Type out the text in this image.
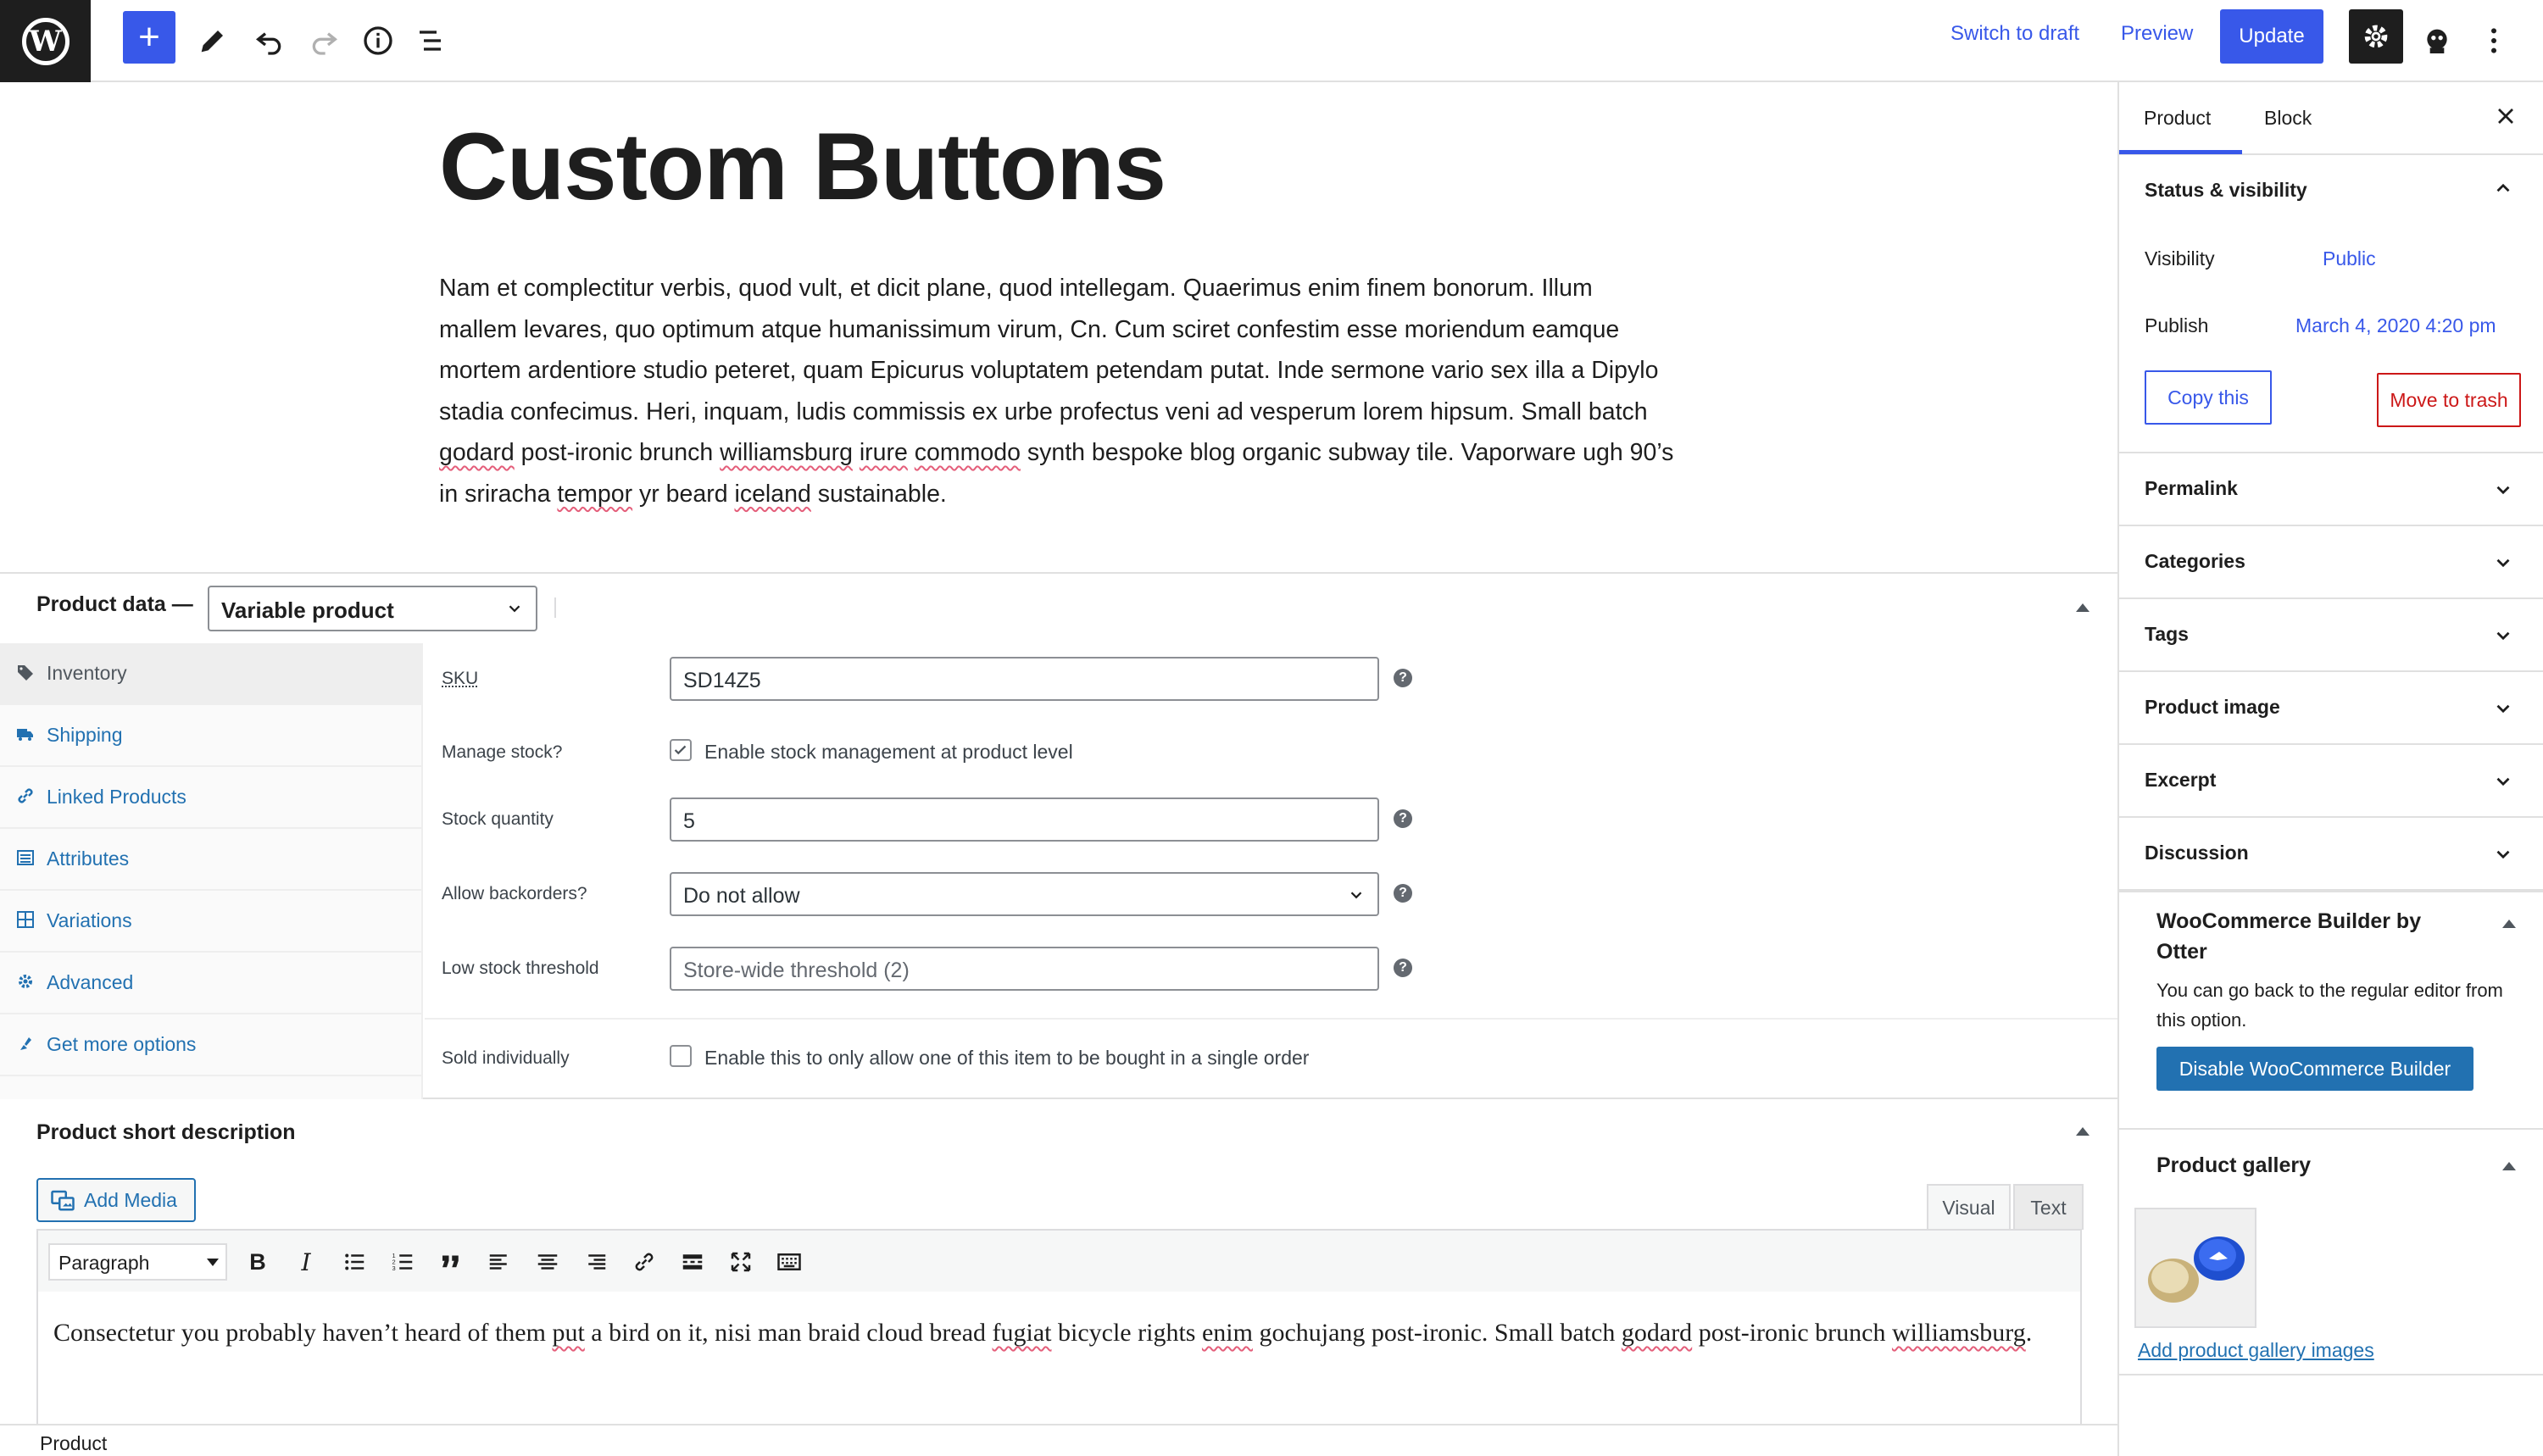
W	+	Switch to draft Preview	Update
Custom Buttons

Nam et complectitur verbis, quod vult, et dicit plane, quod intellegam. Quaerimus enim finem bonorum. Illum mallem levares, quo optimum atque humanissimum virum, Cn. Cum sciret confestim esse moriendum eamque mortem ardentiore studio peteret, quam Epicurus voluptatem petendam putat. Inde sermone vario sex illa a Dipylo stadia confecimus. Heri, inquam, ludis commissis ex urbe profectus veni ad vesperum lorem hipsum. Small batch godard post-ironic brunch williamsburg irure commodo synth bespoke blog organic subway tile. Vaporware ugh 90’s in sriracha tempor yr beard iceland sustainable.

Product data —	Variable product
Inventory
Shipping
Linked Products
Attributes
Variations
Advanced
Get more options
SKU	SD14Z5	?
Manage stock?	Enable stock management at product level
Stock quantity	5	?
Allow backorders?	Do not allow	?
Low stock threshold	Store-wide threshold (2)	?
Sold individually	Enable this to only allow one of this item to be bought in a single order
Product short description
Add Media	Visual	Text
Paragraph	B	I	1
2
3

Consectetur you probably haven’t heard of them put a bird on it, nisi man braid cloud bread fugiat bicycle rights enim gochujang post-ironic. Small batch godard post-ironic brunch williamsburg.

Product
Product	Block
Status & visibility
Visibility	Public
Publish	March 4, 2020 4:20 pm
Copy this	Move to trash
Permalink
Categories
Tags
Product image
Excerpt
Discussion
WooCommerce Builder by Otter
You can go back to the regular editor from this option.
Disable WooCommerce Builder
Product gallery
Add product gallery images
